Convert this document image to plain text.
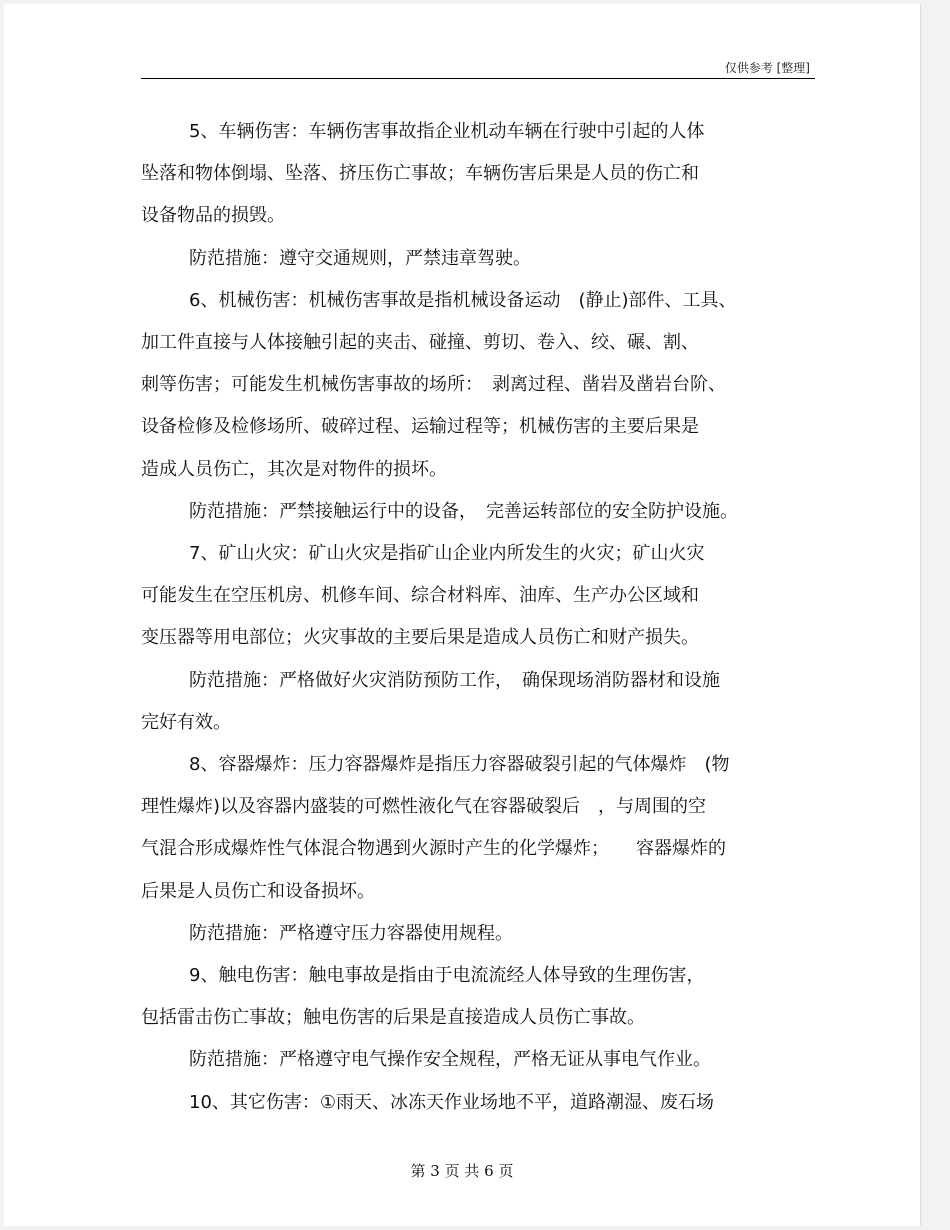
仅供参考 [整理]
5、车辆伤害：车辆伤害事故指企业机动车辆在行驶中引起的人体
坠落和物体倒塌、坠落、挤压伤亡事故；车辆伤害后果是人员的伤亡和
设备物品的损毁。
防范措施：遵守交通规则，严禁违章驾驶。
6、机械伤害：机械伤害事故是指机械设备运动　(静止)部件、工具、
加工件直接与人体接触引起的夹击、碰撞、剪切、卷入、绞、碾、割、
刺等伤害；可能发生机械伤害事故的场所：　剥离过程、凿岩及凿岩台阶、
设备检修及检修场所、破碎过程、运输过程等；机械伤害的主要后果是
造成人员伤亡，其次是对物件的损坏。
防范措施：严禁接触运行中的设备，　完善运转部位的安全防护设施。
7、矿山火灾：矿山火灾是指矿山企业内所发生的火灾；矿山火灾
可能发生在空压机房、机修车间、综合材料库、油库、生产办公区域和
变压器等用电部位；火灾事故的主要后果是造成人员伤亡和财产损失。
防范措施：严格做好火灾消防预防工作，　确保现场消防器材和设施
完好有效。
8、容器爆炸：压力容器爆炸是指压力容器破裂引起的气体爆炸　(物
理性爆炸)以及容器内盛装的可燃性液化气在容器破裂后　，与周围的空
气混合形成爆炸性气体混合物遇到火源时产生的化学爆炸；　　容器爆炸的
后果是人员伤亡和设备损坏。
防范措施：严格遵守压力容器使用规程。
9、触电伤害：触电事故是指由于电流流经人体导致的生理伤害，
包括雷击伤亡事故；触电伤害的后果是直接造成人员伤亡事故。
防范措施：严格遵守电气操作安全规程，严格无证从事电气作业。
10、其它伤害：①雨天、冰冻天作业场地不平，道路潮湿、废石场
第 3 页 共 6 页
